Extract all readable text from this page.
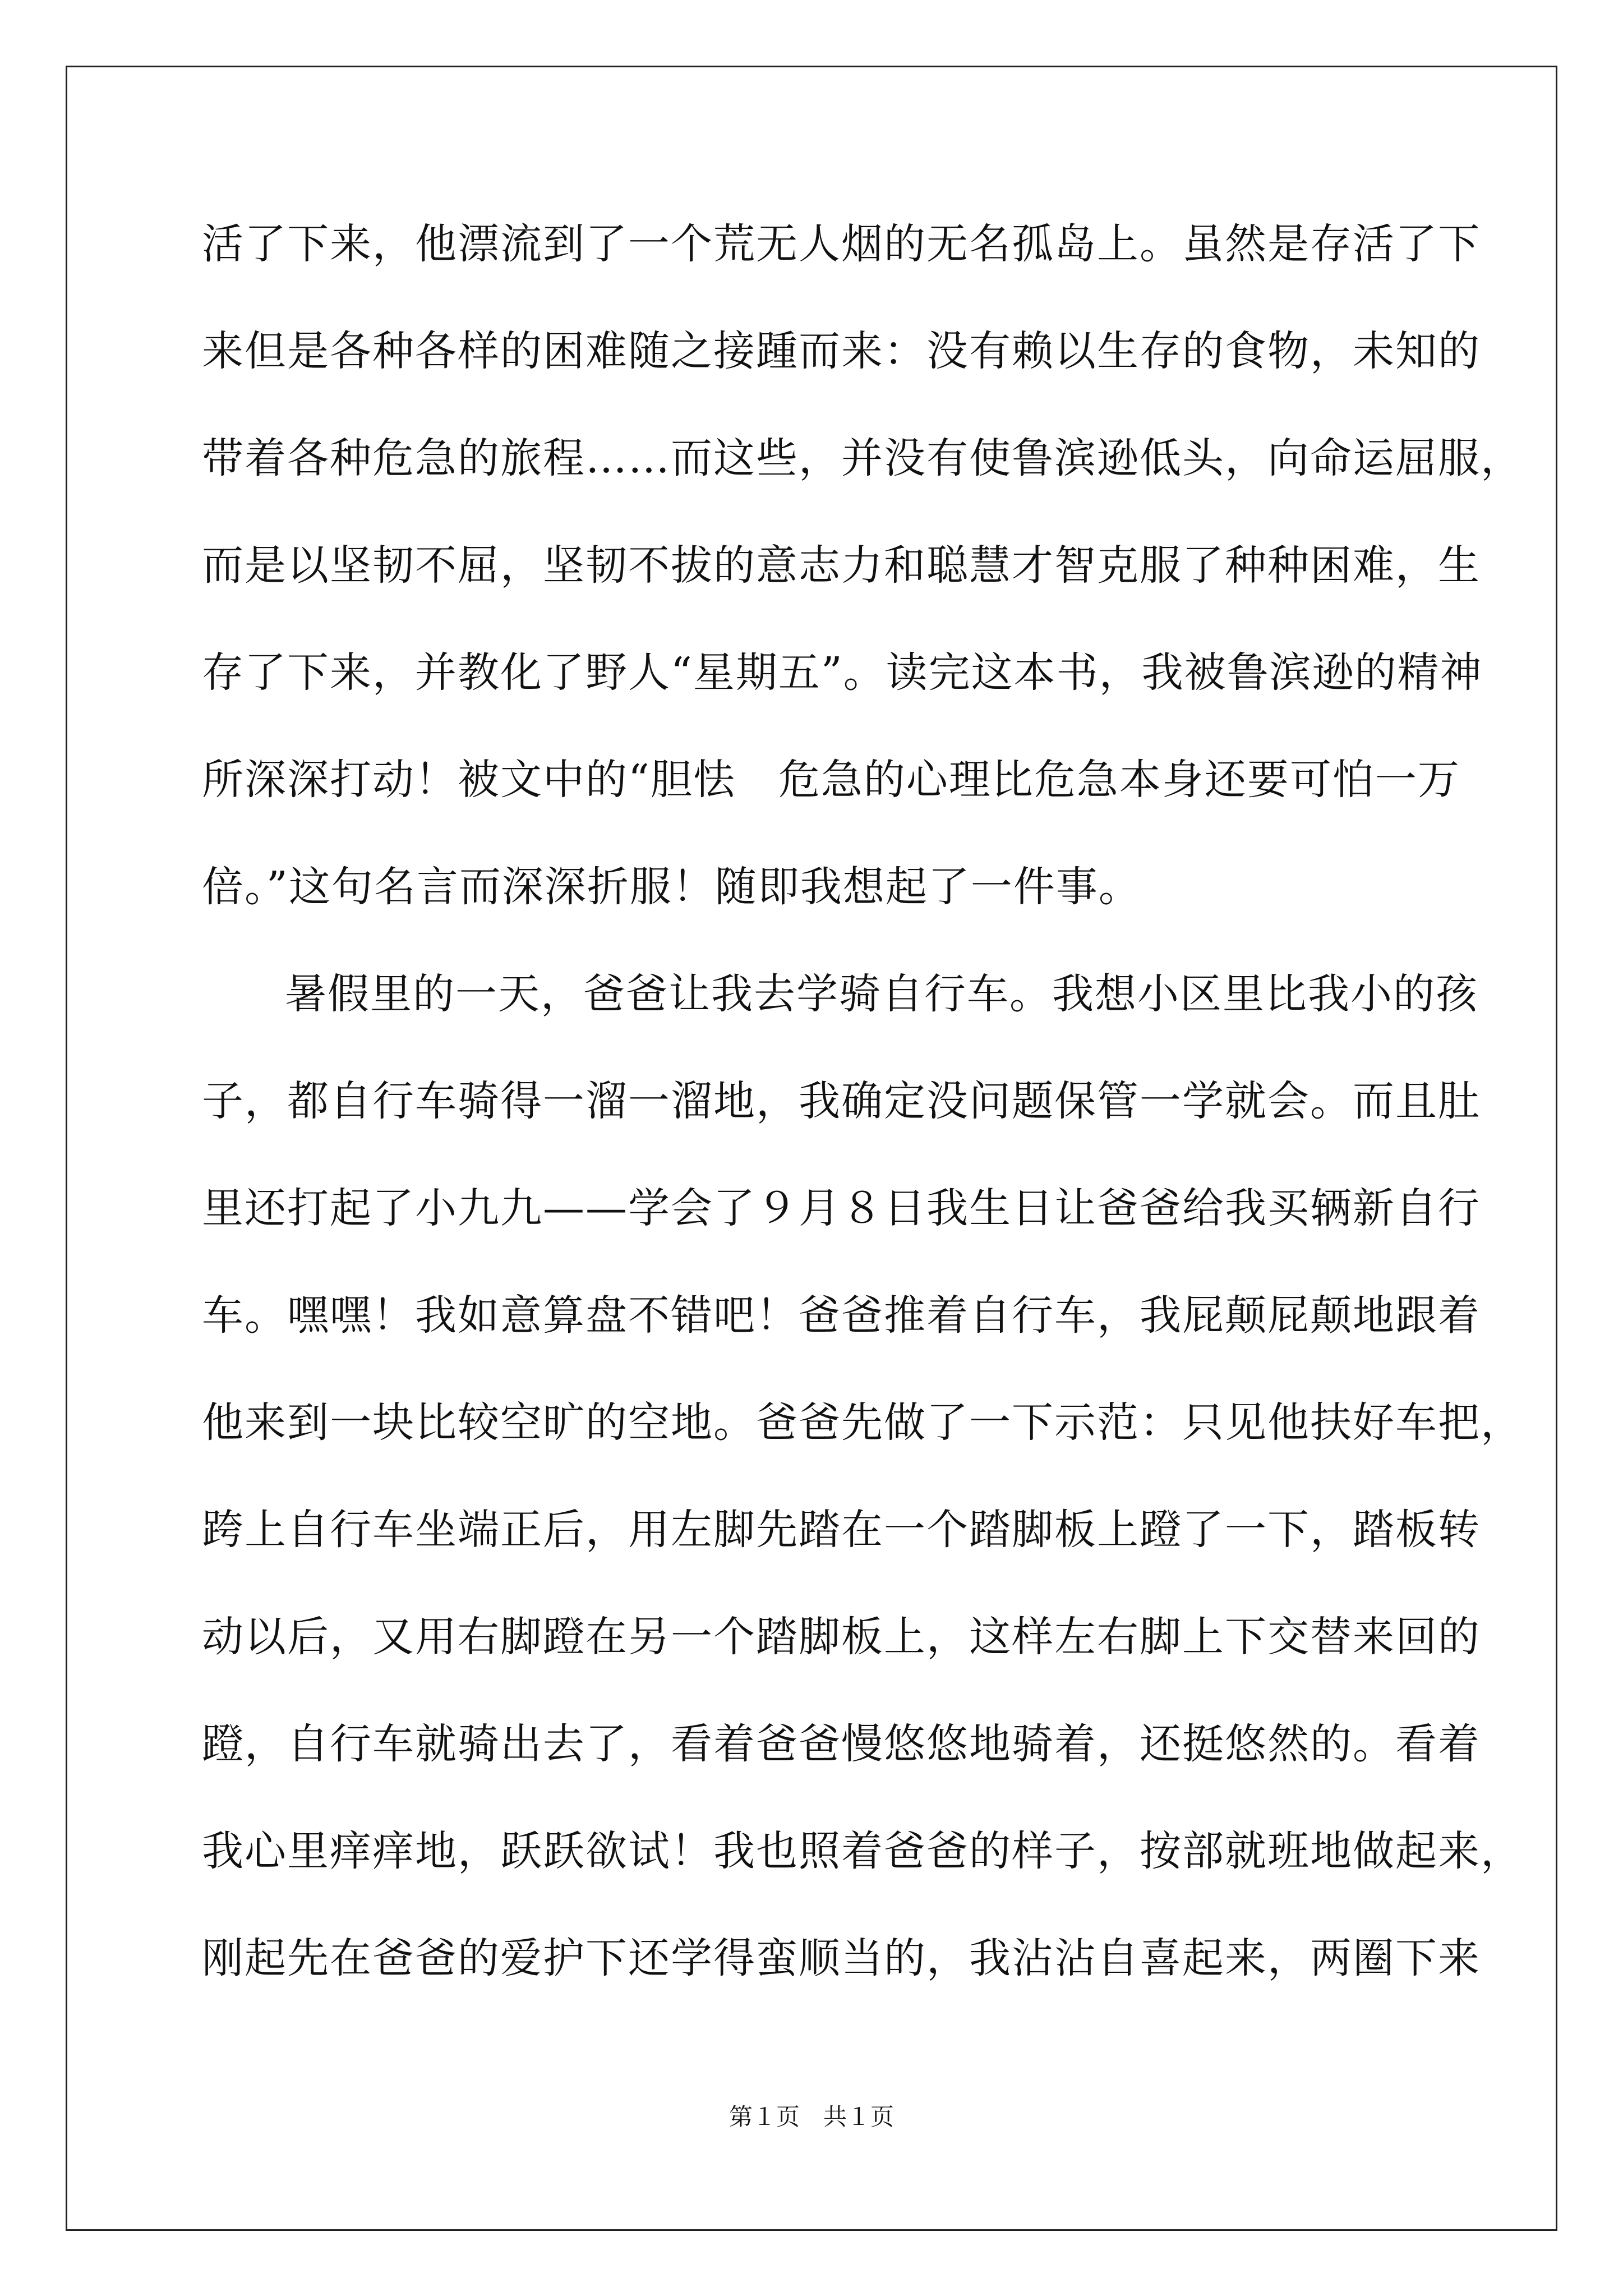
活了下来，他漂流到了一个荒无人烟的无名孤岛上。虽然是存活了下
来但是各种各样的困难随之接踵而来：没有赖以生存的食物，未知的
带着各种危急的旅程……而这些，并没有使鲁滨逊低头，向命运屈服，
而是以坚韧不屈，坚韧不拔的意志力和聪慧才智克服了种种困难，生
存了下来，并教化了野人“星期五”。读完这本书，我被鲁滨逊的精神
所深深打动！被文中的“胆怯　危急的心理比危急本身还要可怕一万
倍。”这句名言而深深折服！随即我想起了一件事。
暑假里的一天，爸爸让我去学骑自行车。我想小区里比我小的孩
子，都自行车骑得一溜一溜地，我确定没问题保管一学就会。而且肚
里还打起了小九九——学会了９月８日我生日让爸爸给我买辆新自行
车。嘿嘿！我如意算盘不错吧！爸爸推着自行车，我屁颠屁颠地跟着
他来到一块比较空旷的空地。爸爸先做了一下示范：只见他扶好车把，
跨上自行车坐端正后，用左脚先踏在一个踏脚板上蹬了一下，踏板转
动以后，又用右脚蹬在另一个踏脚板上，这样左右脚上下交替来回的
蹬，自行车就骑出去了，看着爸爸慢悠悠地骑着，还挺悠然的。看着
我心里痒痒地，跃跃欲试！我也照着爸爸的样子，按部就班地做起来，
刚起先在爸爸的爱护下还学得蛮顺当的，我沾沾自喜起来，两圈下来
第１页　共１页
